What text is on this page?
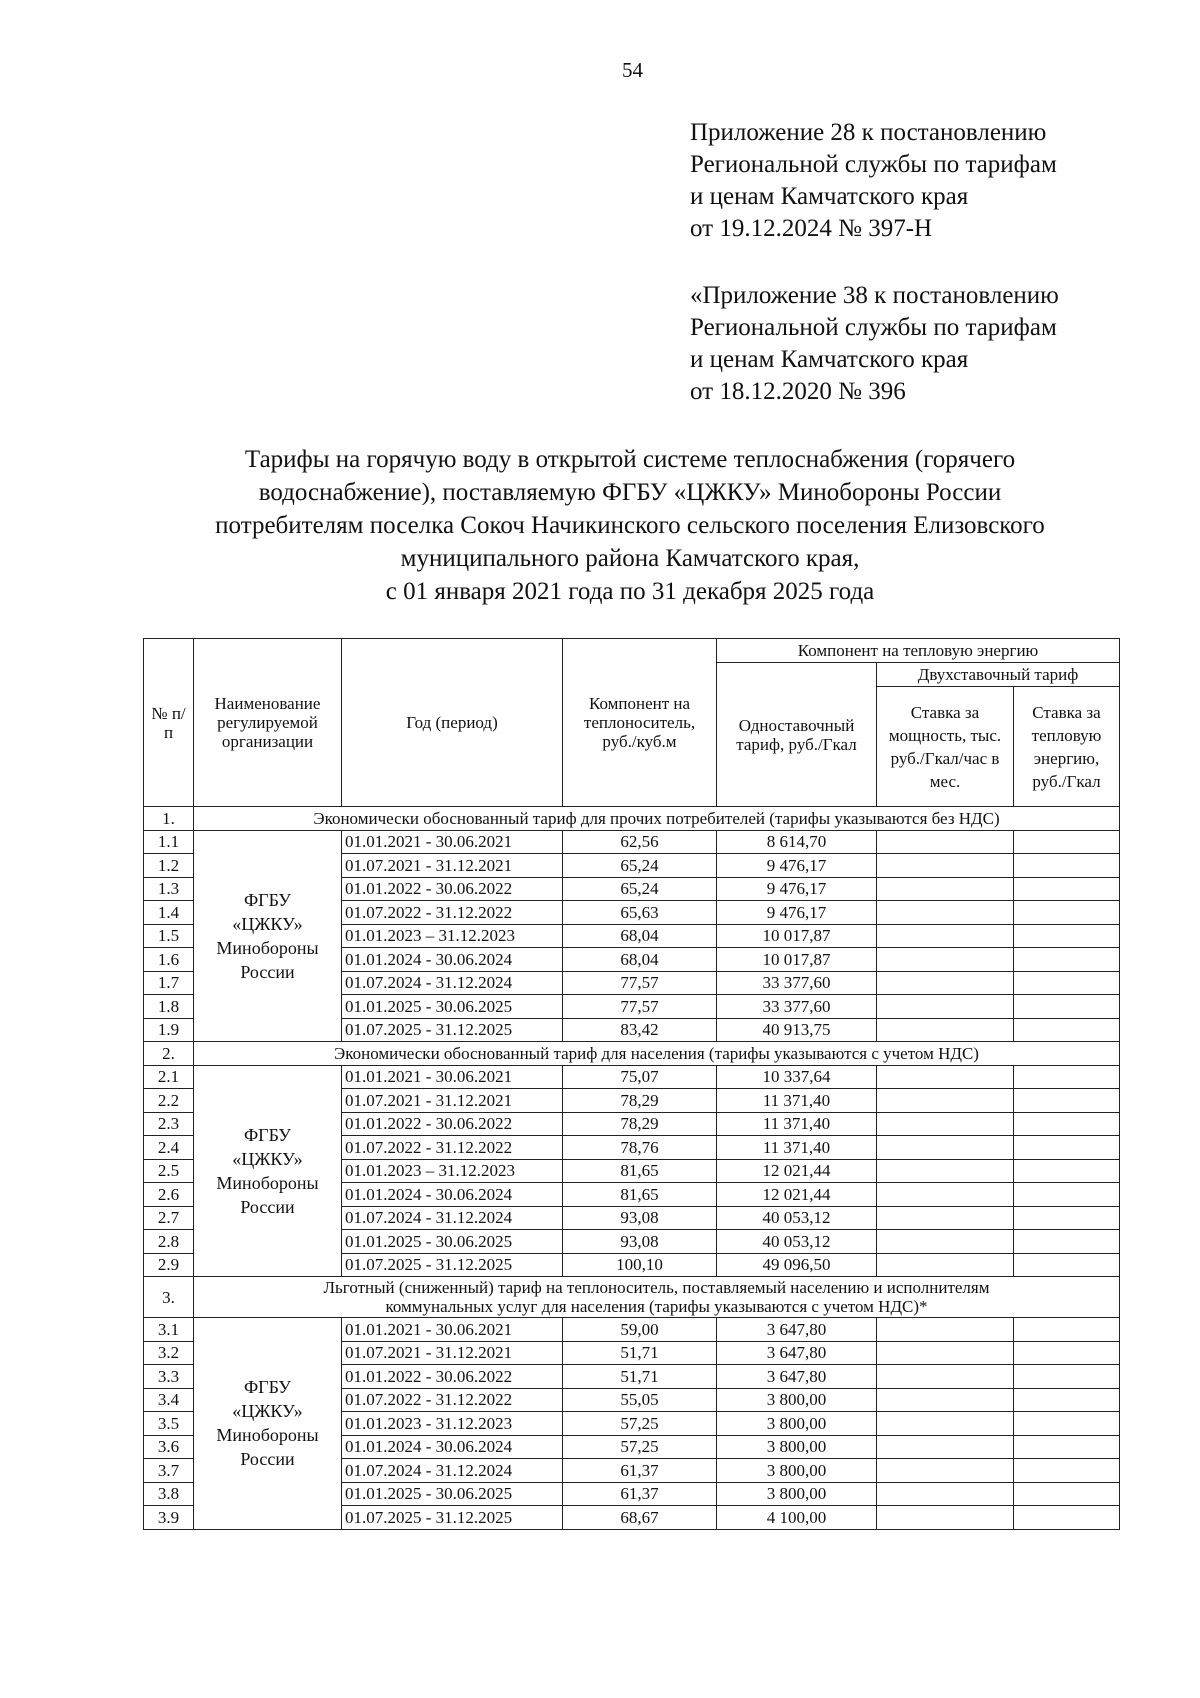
54
Приложение 28 к постановлению
Региональной службы по тарифам
и ценам Камчатского края
от 19.12.2024 № 397-Н
«Приложение 38 к постановлению
Региональной службы по тарифам
и ценам Камчатского края
от 18.12.2020 № 396
Тарифы на горячую воду в открытой системе теплоснабжения (горячего
водоснабжение), поставляемую ФГБУ «ЦЖКУ» Минобороны России
потребителям поселка Сокоч Начикинского сельского поселения Елизовского
муниципального района Камчатского края,
с 01 января 2021 года по 31 декабря 2025 года
№ п/п	Наименование регулируемой организации	Год (период)	Компонент на теплоноситель, руб./куб.м	Компонент на тепловую энергию		
				Одноставочный тариф, руб./Гкал	Двухставочный тариф	
					Ставка за мощность, тыс. руб./Гкал/час в мес.	Ставка за тепловую энергию, руб./Гкал
1.	Экономически обоснованный тариф для прочих потребителей (тарифы указываются без НДС)					
1.1	ФГБУ
«ЦЖКУ»
Минобороны
России	01.01.2021 - 30.06.2021	62,56	8 614,70		
1.2		01.07.2021 - 31.12.2021	65,24	9 476,17		
1.3		01.01.2022 - 30.06.2022	65,24	9 476,17		
1.4		01.07.2022 - 31.12.2022	65,63	9 476,17		
1.5		01.01.2023 – 31.12.2023	68,04	10 017,87		
1.6		01.01.2024 - 30.06.2024	68,04	10 017,87		
1.7		01.07.2024 - 31.12.2024	77,57	33 377,60		
1.8		01.01.2025 - 30.06.2025	77,57	33 377,60		
1.9		01.07.2025 - 31.12.2025	83,42	40 913,75		
2.	Экономически обоснованный тариф для населения (тарифы указываются с учетом НДС)					
2.1	ФГБУ
«ЦЖКУ»
Минобороны
России	01.01.2021 - 30.06.2021	75,07	10 337,64		
2.2		01.07.2021 - 31.12.2021	78,29	11 371,40		
2.3		01.01.2022 - 30.06.2022	78,29	11 371,40		
2.4		01.07.2022 - 31.12.2022	78,76	11 371,40		
2.5		01.01.2023 – 31.12.2023	81,65	12 021,44		
2.6		01.01.2024 - 30.06.2024	81,65	12 021,44		
2.7		01.07.2024 - 31.12.2024	93,08	40 053,12		
2.8		01.01.2025 - 30.06.2025	93,08	40 053,12		
2.9		01.07.2025 - 31.12.2025	100,10	49 096,50		
3.	Льготный (сниженный) тариф на теплоноситель, поставляемый населению и исполнителям коммунальных услуг для населения (тарифы указываются с учетом НДС)*					
3.1	ФГБУ
«ЦЖКУ»
Минобороны
России	01.01.2021 - 30.06.2021	59,00	3 647,80		
3.2		01.07.2021 - 31.12.2021	51,71	3 647,80		
3.3		01.01.2022 - 30.06.2022	51,71	3 647,80		
3.4		01.07.2022 - 31.12.2022	55,05	3 800,00		
3.5		01.01.2023 - 31.12.2023	57,25	3 800,00		
3.6		01.01.2024 - 30.06.2024	57,25	3 800,00		
3.7		01.07.2024 - 31.12.2024	61,37	3 800,00		
3.8		01.01.2025 - 30.06.2025	61,37	3 800,00		
3.9		01.07.2025 - 31.12.2025	68,67	4 100,00		
